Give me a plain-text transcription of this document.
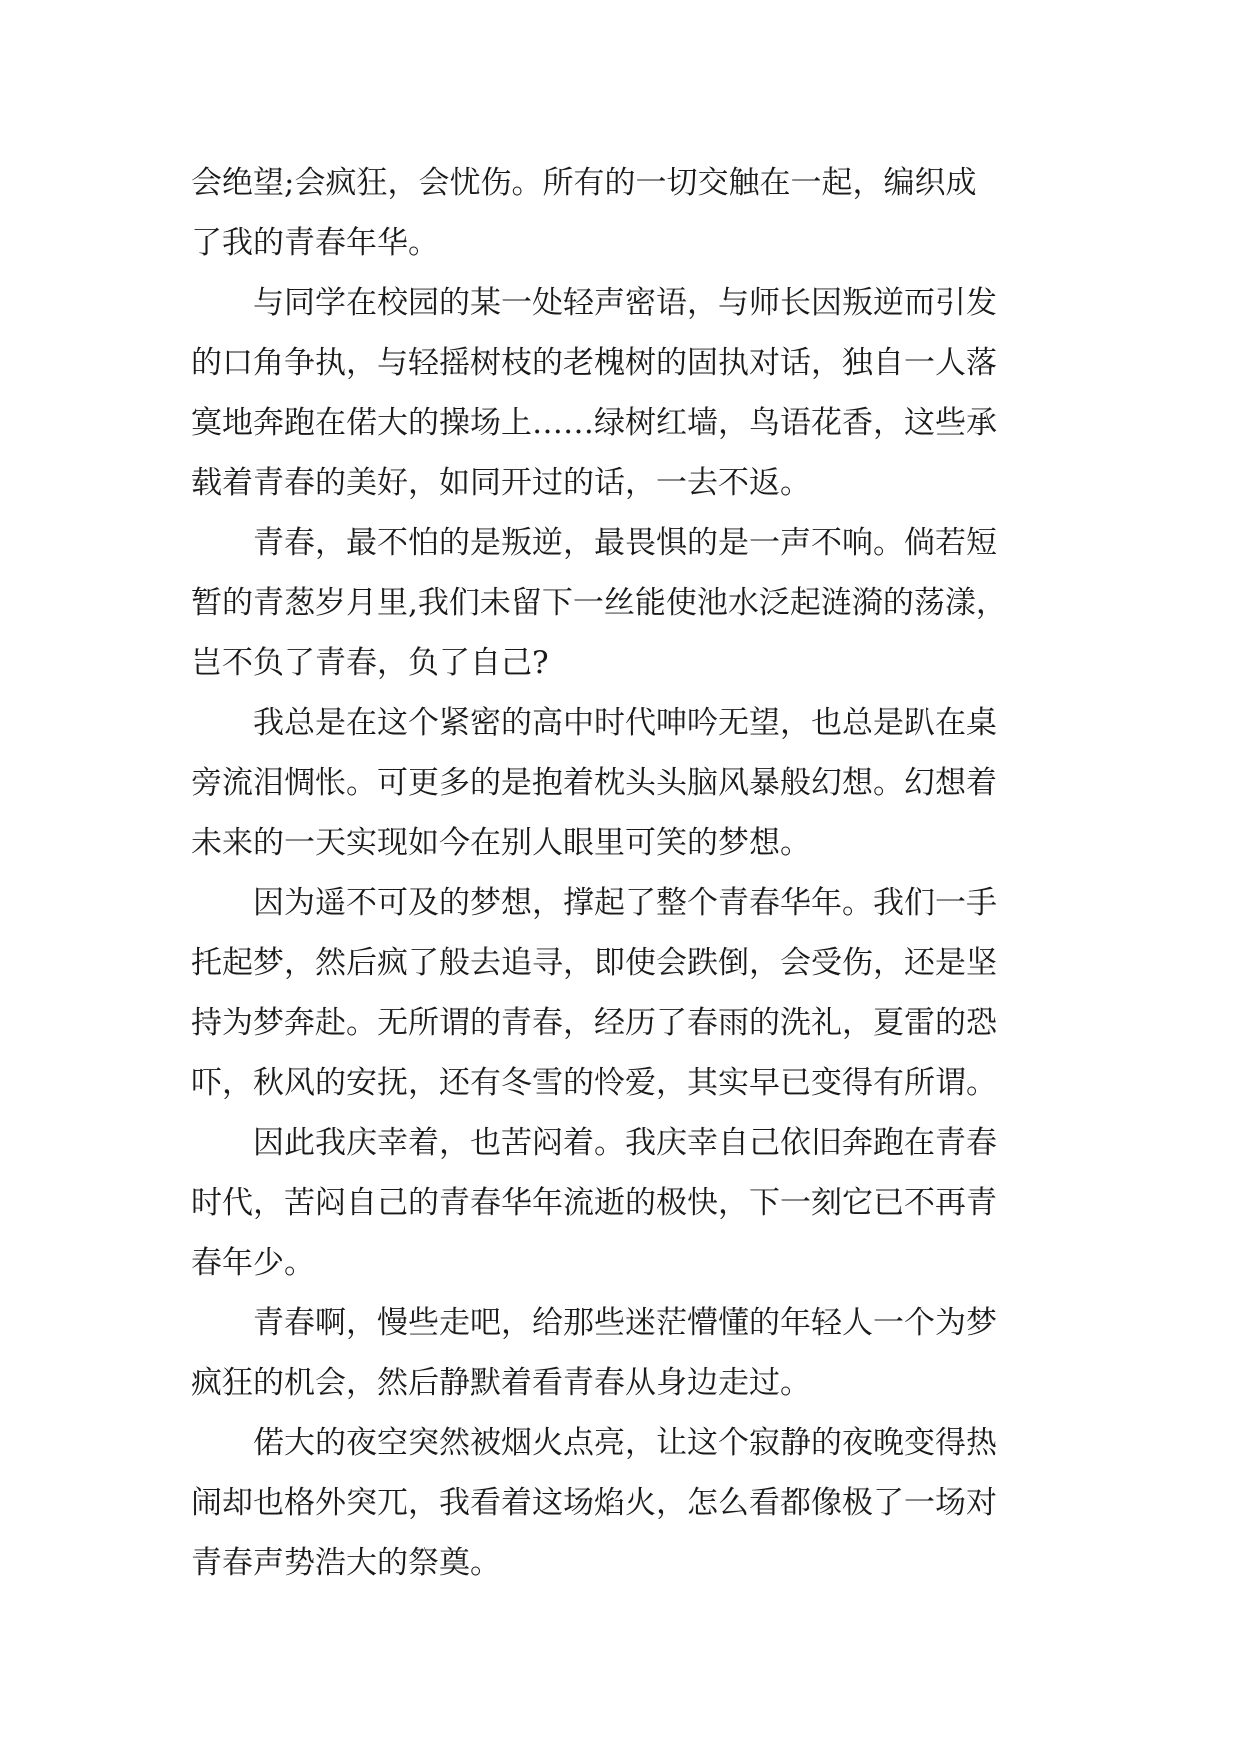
会绝望;会疯狂，会忧伤。所有的一切交触在一起，编织成
了我的青春年华。
与同学在校园的某一处轻声密语，与师长因叛逆而引发
的口角争执，与轻摇树枝的老槐树的固执对话，独自一人落
寞地奔跑在偌大的操场上……绿树红墙，鸟语花香，这些承
载着青春的美好，如同开过的话，一去不返。
青春，最不怕的是叛逆，最畏惧的是一声不响。倘若短
暂的青葱岁月里,我们未留下一丝能使池水泛起涟漪的荡漾，
岂不负了青春，负了自己?
我总是在这个紧密的高中时代呻吟无望，也总是趴在桌
旁流泪惆怅。可更多的是抱着枕头头脑风暴般幻想。幻想着
未来的一天实现如今在别人眼里可笑的梦想。
因为遥不可及的梦想，撑起了整个青春华年。我们一手
托起梦，然后疯了般去追寻，即使会跌倒，会受伤，还是坚
持为梦奔赴。无所谓的青春，经历了春雨的洗礼，夏雷的恐
吓，秋风的安抚，还有冬雪的怜爱，其实早已变得有所谓。
因此我庆幸着，也苦闷着。我庆幸自己依旧奔跑在青春
时代，苦闷自己的青春华年流逝的极快，下一刻它已不再青
春年少。
青春啊，慢些走吧，给那些迷茫懵懂的年轻人一个为梦
疯狂的机会，然后静默着看青春从身边走过。
偌大的夜空突然被烟火点亮，让这个寂静的夜晚变得热
闹却也格外突兀，我看着这场焰火，怎么看都像极了一场对
青春声势浩大的祭奠。
